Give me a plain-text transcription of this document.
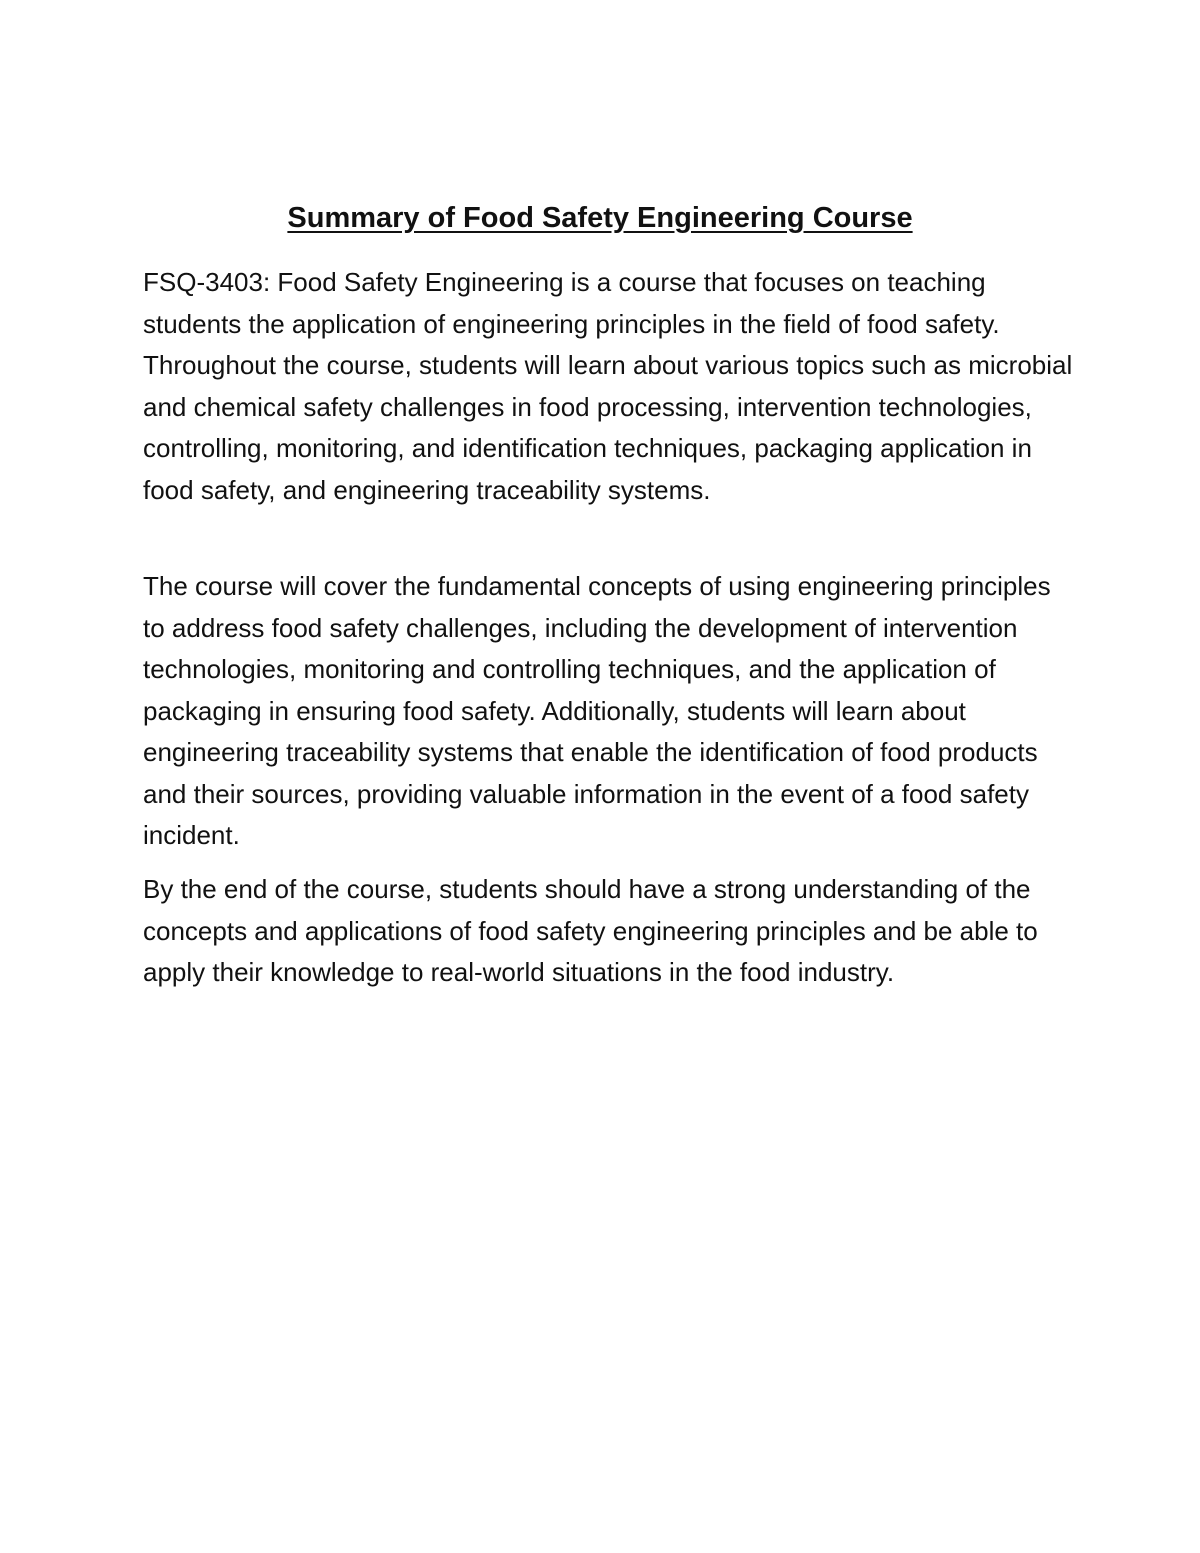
Summary of Food Safety Engineering Course

FSQ-3403: Food Safety Engineering is a course that focuses on teaching students the application of engineering principles in the field of food safety. Throughout the course, students will learn about various topics such as microbial and chemical safety challenges in food processing, intervention technologies, controlling, monitoring, and identification techniques, packaging application in food safety, and engineering traceability systems.

The course will cover the fundamental concepts of using engineering principles to address food safety challenges, including the development of intervention technologies, monitoring and controlling techniques, and the application of packaging in ensuring food safety. Additionally, students will learn about engineering traceability systems that enable the identification of food products and their sources, providing valuable information in the event of a food safety incident.

By the end of the course, students should have a strong understanding of the concepts and applications of food safety engineering principles and be able to apply their knowledge to real-world situations in the food industry.
